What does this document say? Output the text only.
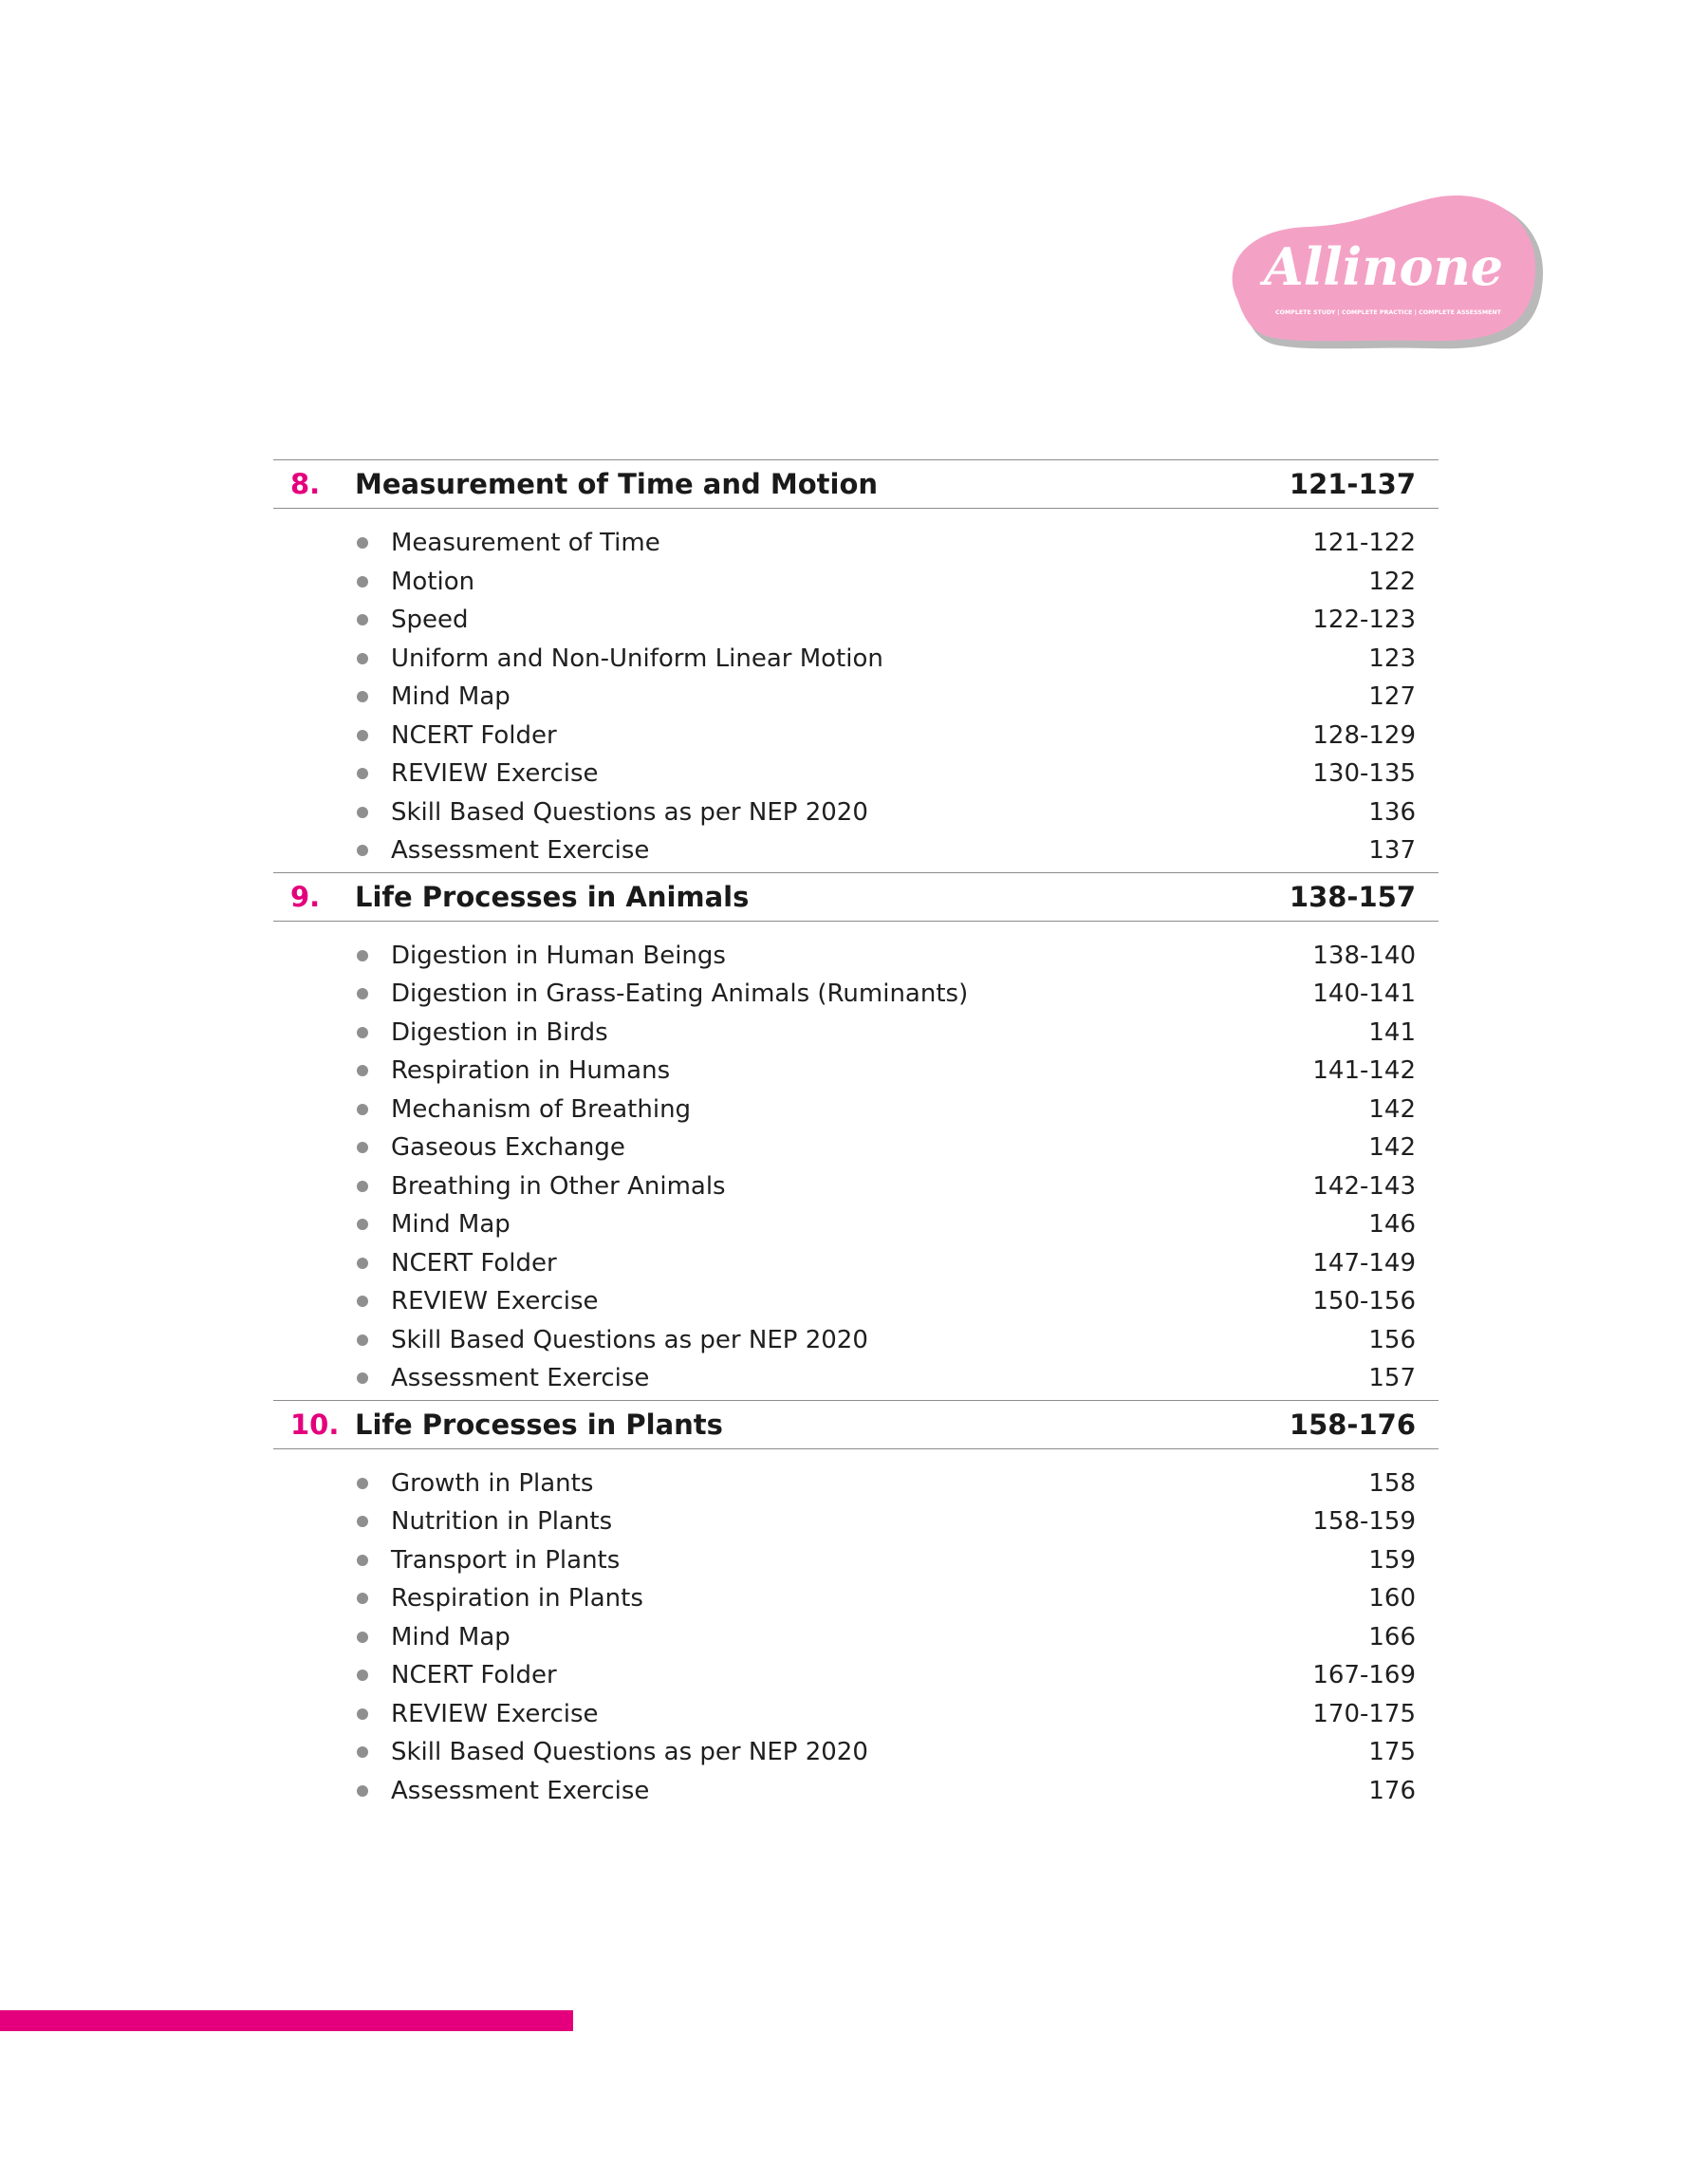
Allinone
COMPLETE STUDY | COMPLETE PRACTICE | COMPLETE ASSESSMENT
8.	Measurement of Time and Motion	121-137
Measurement of Time	121-122
Motion	122
Speed	122-123
Uniform and Non-Uniform Linear Motion	123
Mind Map	127
NCERT Folder	128-129
REVIEW Exercise	130-135
Skill Based Questions as per NEP 2020	136
Assessment Exercise	137
9.	Life Processes in Animals	138-157
Digestion in Human Beings	138-140
Digestion in Grass-Eating Animals (Ruminants)	140-141
Digestion in Birds	141
Respiration in Humans	141-142
Mechanism of Breathing	142
Gaseous Exchange	142
Breathing in Other Animals	142-143
Mind Map	146
NCERT Folder	147-149
REVIEW Exercise	150-156
Skill Based Questions as per NEP 2020	156
Assessment Exercise	157
10. Life Processes in Plants	158-176
Growth in Plants	158
Nutrition in Plants	158-159
Transport in Plants	159
Respiration in Plants	160
Mind Map	166
NCERT Folder	167-169
REVIEW Exercise	170-175
Skill Based Questions as per NEP 2020	175
Assessment Exercise	176
